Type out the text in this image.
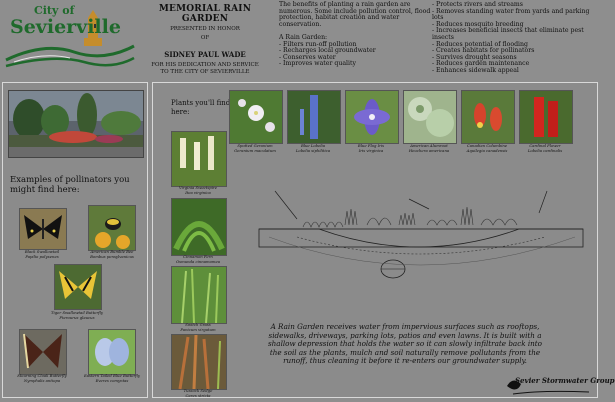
City of
Sevierville
MEMORIAL RAIN GARDEN
PRESENTED IN HONOR
OF
SIDNEY PAUL WADE
FOR HIS DEDICATION AND SERVICE
TO THE CITY OF SEVIERVILLE
The benefits of planting a rain garden are
numerous. Some include pollution control, flood
protection, habitat creation and water
conservation.
A Rain Garden:
- Filters run-off pollution
- Recharges local groundwater
- Conserves water
- Improves water quality
- Protects rivers and streams
- Removes standing water from yards and parking lots
- Reduces mosquito breeding
- Increases beneficial insects that eliminate pest
insects
- Reduces potential of flooding
- Creates habitats for pollinators
- Survives drought seasons
- Reduces garden maintenance
- Enhances sidewalk appeal
Examples of pollinators you might find here:
Black Swallowtail
Papilio polyxenes
American Bumble Bee
Bombus pensylvanicus
Tiger Swallowtail Butterfly
Pterourus glaucus
Mourning Cloak Butterfly
Nymphalis antiopa
Eastern Tailed Blue Butterfly
Everes comyntas
Plants you'll find here:
Spotted Geranium
Geranium maculatum
Blue Lobelia
Lobelia siphilitica
Blue Flag Iris
Iris virginica
American Alumroot
Heuchera americana
Canadian Columbine
Aquilegia canadensis
Cardinal Flower
Lobelia cardinalis
Virginia Sweetspire
Itea virginica
Cinnamon Fern
Osmunda cinnamomea
Switch Grass
Panicum virgatum
Tussock Sedge
Carex stricta
A Rain Garden receives water from impervious surfaces such as rooftops, sidewalks, driveways, parking lots, patios and even lawns. It is built with a shallow depression that holds the water so it can slowly infiltrate back into the soil as the plants, mulch and soil naturally remove pollutants from the runoff, thus cleaning it before it re-enters our groundwater supply.
Sevier Stormwater Group
